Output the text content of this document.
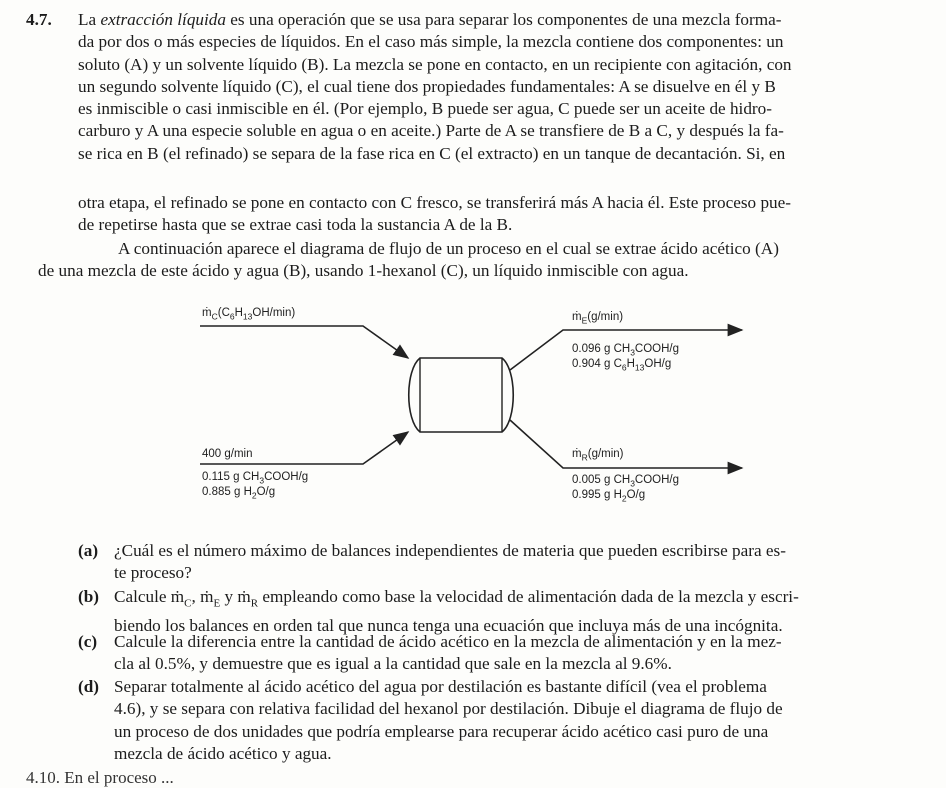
4.7. La extracción líquida es una operación que se usa para separar los componentes de una mezcla forma-
da por dos o más especies de líquidos. En el caso más simple, la mezcla contiene dos componentes: un
soluto (A) y un solvente líquido (B). La mezcla se pone en contacto, en un recipiente con agitación, con
un segundo solvente líquido (C), el cual tiene dos propiedades fundamentales: A se disuelve en él y B
es inmiscible o casi inmiscible en él. (Por ejemplo, B puede ser agua, C puede ser un aceite de hidro-
carburo y A una especie soluble en agua o en aceite.) Parte de A se transfiere de B a C, y después la fa-
se rica en B (el refinado) se separa de la fase rica en C (el extracto) en un tanque de decantación. Si, en
otra etapa, el refinado se pone en contacto con C fresco, se transferirá más A hacia él. Este proceso pue-
de repetirse hasta que se extrae casi toda la sustancia A de la B.
A continuación aparece el diagrama de flujo de un proceso en el cual se extrae ácido acético (A)
de una mezcla de este ácido y agua (B), usando 1-hexanol (C), un líquido inmiscible con agua.
$ṁ_C(C_6H_{13}OH/\min)$
400 g/min
0.115 g $CH_3COOH/g$
0.885 g $H_2O/g$
ṁ$_E$(g/min)
0.096 g $CH_3COOH/g$
0.904 g $C_6H_{13}OH/g$
ṁ$_R$(g/min)
0.005 g $CH_3COOH/g$
0.995 g $H_2O/g$
(a) ¿Cuál es el número máximo de balances independientes de materia que pueden escribirse para es-
te proceso?
(b) Calcule ṁ$_C$, ṁ$_E$ y ṁ$_R$ empleando como base la velocidad de alimentación dada de la mezcla y escri-
biendo los balances en orden tal que nunca tenga una ecuación que incluya más de una incógnita.
(c) Calcule la diferencia entre la cantidad de ácido acético en la mezcla de alimentación y en la mez-
cla al 0.5%, y demuestre que es igual a la cantidad que sale en la mezcla al 9.6%.
(d) Separar totalmente al ácido acético del agua por destilación es bastante difícil (vea el problema
4.6), y se separa con relativa facilidad del hexanol por destilación. Dibuje el diagrama de flujo de
un proceso de dos unidades que podría emplearse para recuperar ácido acético casi puro de una
mezcla de ácido acético y agua.
4.10. En el proceso ...
